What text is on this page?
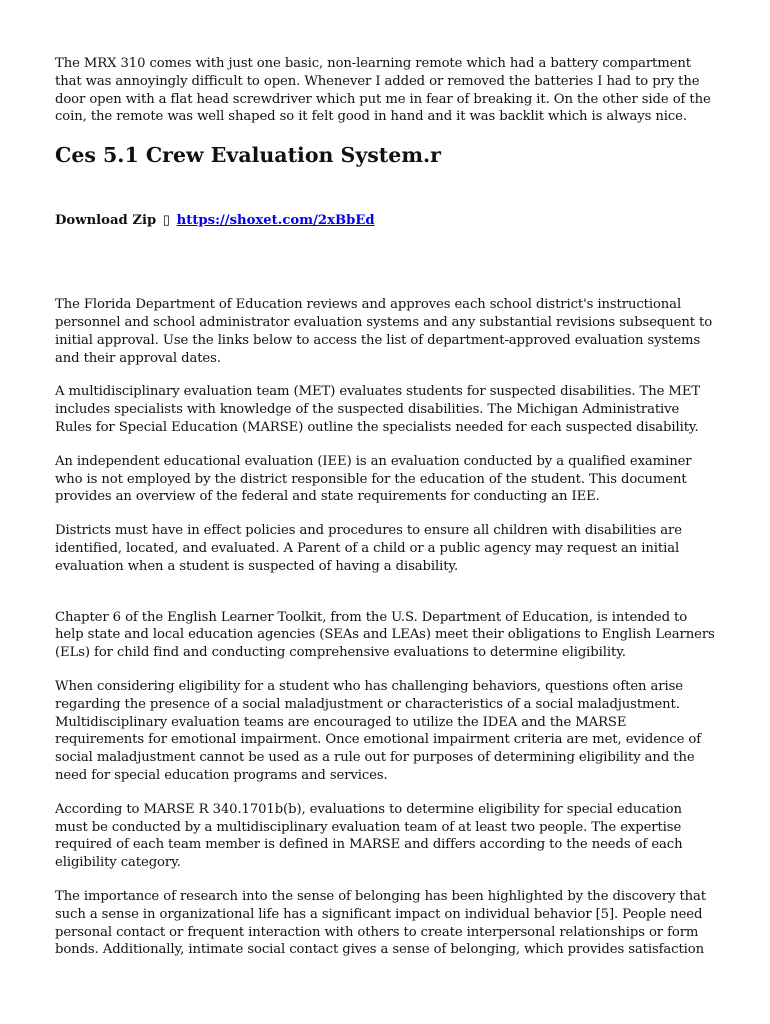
The MRX 310 comes with just one basic, non-learning remote which had a battery compartment that was annoyingly difficult to open. Whenever I added or removed the batteries I had to pry the door open with a flat head screwdriver which put me in fear of breaking it. On the other side of the coin, the remote was well shaped so it felt good in hand and it was backlit which is always nice.

Ces 5.1 Crew Evaluation System.r
Download Zip ▯ https://shoxet.com/2xBbEd

The Florida Department of Education reviews and approves each school district's instructional personnel and school administrator evaluation systems and any substantial revisions subsequent to initial approval. Use the links below to access the list of department-approved evaluation systems and their approval dates.

A multidisciplinary evaluation team (MET) evaluates students for suspected disabilities. The MET includes specialists with knowledge of the suspected disabilities. The Michigan Administrative Rules for Special Education (MARSE) outline the specialists needed for each suspected disability.

An independent educational evaluation (IEE) is an evaluation conducted by a qualified examiner who is not employed by the district responsible for the education of the student. This document provides an overview of the federal and state requirements for conducting an IEE.

Districts must have in effect policies and procedures to ensure all children with disabilities are identified, located, and evaluated. A Parent of a child or a public agency may request an initial evaluation when a student is suspected of having a disability.

Chapter 6 of the English Learner Toolkit, from the U.S. Department of Education, is intended to help state and local education agencies (SEAs and LEAs) meet their obligations to English Learners (ELs) for child find and conducting comprehensive evaluations to determine eligibility.

When considering eligibility for a student who has challenging behaviors, questions often arise regarding the presence of a social maladjustment or characteristics of a social maladjustment. Multidisciplinary evaluation teams are encouraged to utilize the IDEA and the MARSE requirements for emotional impairment. Once emotional impairment criteria are met, evidence of social maladjustment cannot be used as a rule out for purposes of determining eligibility and the need for special education programs and services.

According to MARSE R 340.1701b(b), evaluations to determine eligibility for special education must be conducted by a multidisciplinary evaluation team of at least two people. The expertise required of each team member is defined in MARSE and differs according to the needs of each eligibility category.

The importance of research into the sense of belonging has been highlighted by the discovery that such a sense in organizational life has a significant impact on individual behavior [5]. People need personal contact or frequent interaction with others to create interpersonal relationships or form bonds. Additionally, intimate social contact gives a sense of belonging, which provides satisfaction
